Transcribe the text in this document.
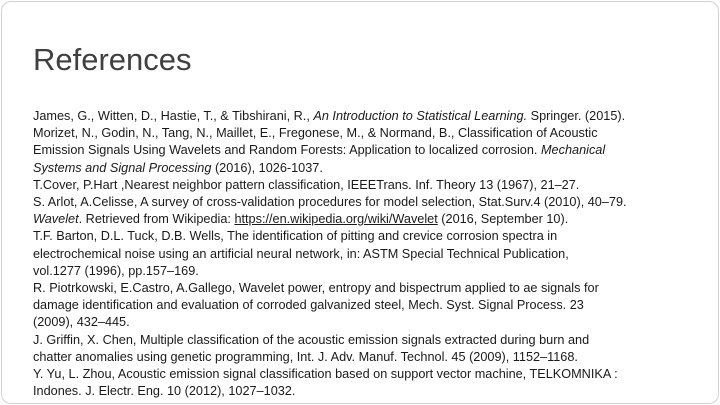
References

James, G., Witten, D., Hastie, T., & Tibshirani, R., An Introduction to Statistical Learning. Springer. (2015).

Morizet, N., Godin, N., Tang, N., Maillet, E., Fregonese, M., & Normand, B., Classification of Acoustic
Emission Signals Using Wavelets and Random Forests: Application to localized corrosion. Mechanical
Systems and Signal Processing (2016), 1026-1037.

T.Cover, P.Hart ,Nearest neighbor pattern classification, IEEETrans. Inf. Theory 13 (1967), 21–27.

S. Arlot, A.Celisse, A survey of cross-validation procedures for model selection, Stat.Surv.4 (2010), 40–79.

Wavelet. Retrieved from Wikipedia: https://en.wikipedia.org/wiki/Wavelet (2016, September 10).

T.F. Barton, D.L. Tuck, D.B. Wells, The identification of pitting and crevice corrosion spectra in
electrochemical noise using an artificial neural network, in: ASTM Special Technical Publication,
vol.1277 (1996), pp.157–169.

R. Piotrkowski, E.Castro, A.Gallego, Wavelet power, entropy and bispectrum applied to ae signals for
damage identification and evaluation of corroded galvanized steel, Mech. Syst. Signal Process. 23
(2009), 432–445.

J. Griffin, X. Chen, Multiple classification of the acoustic emission signals extracted during burn and
chatter anomalies using genetic programming, Int. J. Adv. Manuf. Technol. 45 (2009), 1152–1168.

Y. Yu, L. Zhou, Acoustic emission signal classification based on support vector machine, TELKOMNIKA :
Indones. J. Electr. Eng. 10 (2012), 1027–1032.
